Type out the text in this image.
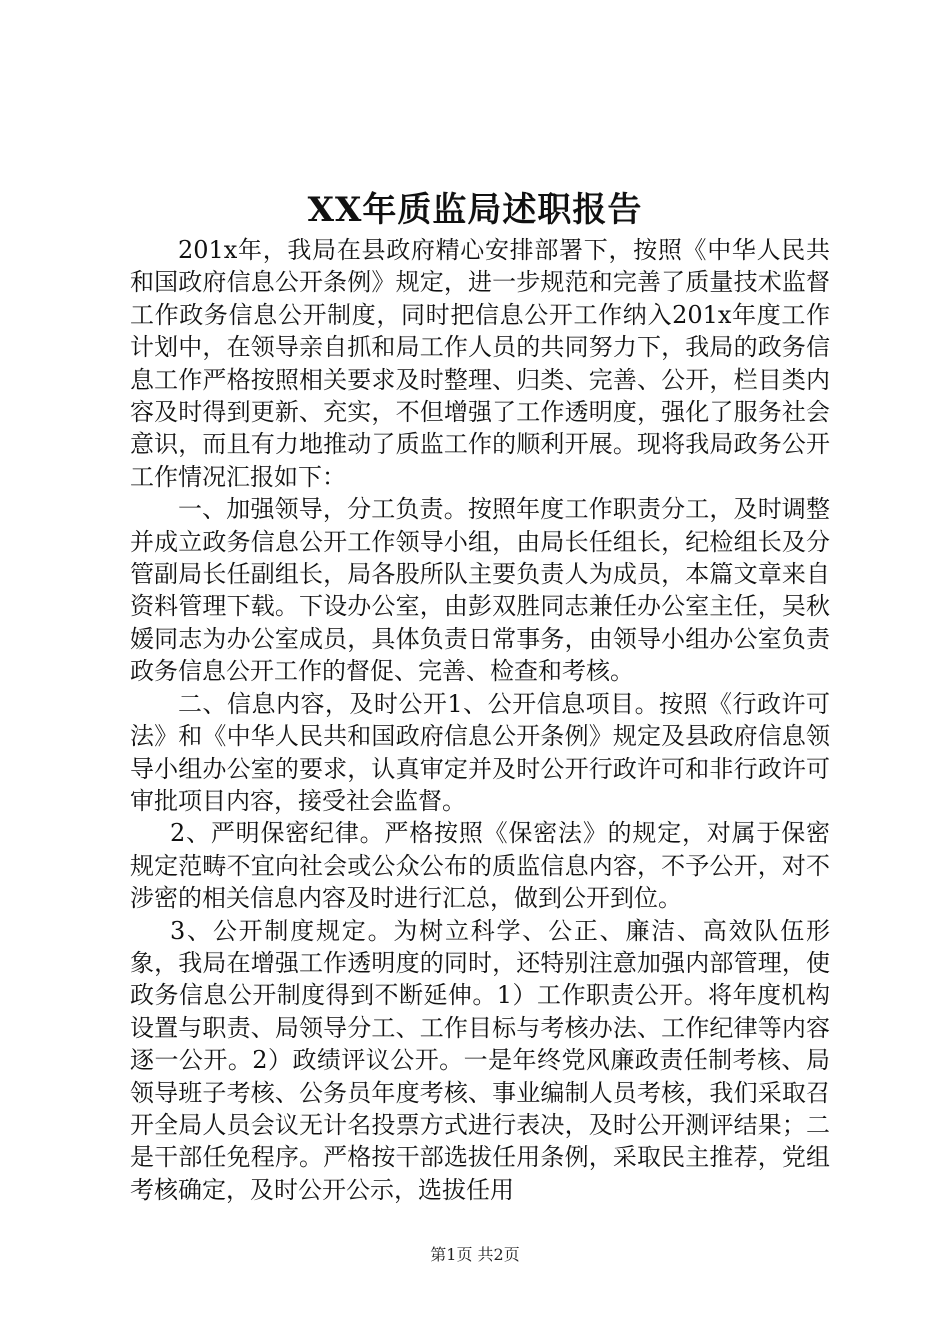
XX年质监局述职报告

201x年，我局在县政府精心安排部署下，按照《中华人民共和国政府信息公开条例》规定，进一步规范和完善了质量技术监督工作政务信息公开制度，同时把信息公开工作纳入201x年度工作计划中，在领导亲自抓和局工作人员的共同努力下，我局的政务信息工作严格按照相关要求及时整理、归类、完善、公开，栏目类内容及时得到更新、充实，不但增强了工作透明度，强化了服务社会意识，而且有力地推动了质监工作的顺利开展。现将我局政务公开工作情况汇报如下：

一、加强领导，分工负责。按照年度工作职责分工，及时调整并成立政务信息公开工作领导小组，由局长任组长，纪检组长及分管副局长任副组长，局各股所队主要负责人为成员，本篇文章来自资料管理下载。下设办公室，由彭双胜同志兼任办公室主任，吴秋媛同志为办公室成员，具体负责日常事务，由领导小组办公室负责政务信息公开工作的督促、完善、检查和考核。

二、信息内容，及时公开1、公开信息项目。按照《行政许可法》和《中华人民共和国政府信息公开条例》规定及县政府信息领导小组办公室的要求，认真审定并及时公开行政许可和非行政许可审批项目内容，接受社会监督。

2、严明保密纪律。严格按照《保密法》的规定，对属于保密规定范畴不宜向社会或公众公布的质监信息内容，不予公开，对不涉密的相关信息内容及时进行汇总，做到公开到位。

3、公开制度规定。为树立科学、公正、廉洁、高效队伍形象，我局在增强工作透明度的同时，还特别注意加强内部管理，使政务信息公开制度得到不断延伸。1）工作职责公开。将年度机构设置与职责、局领导分工、工作目标与考核办法、工作纪律等内容逐一公开。2）政绩评议公开。一是年终党风廉政责任制考核、局领导班子考核、公务员年度考核、事业编制人员考核，我们采取召开全局人员会议无计名投票方式进行表决，及时公开测评结果；二是干部任免程序。严格按干部选拔任用条例，采取民主推荐，党组考核确定，及时公开公示，选拔任用

第1页 共2页
